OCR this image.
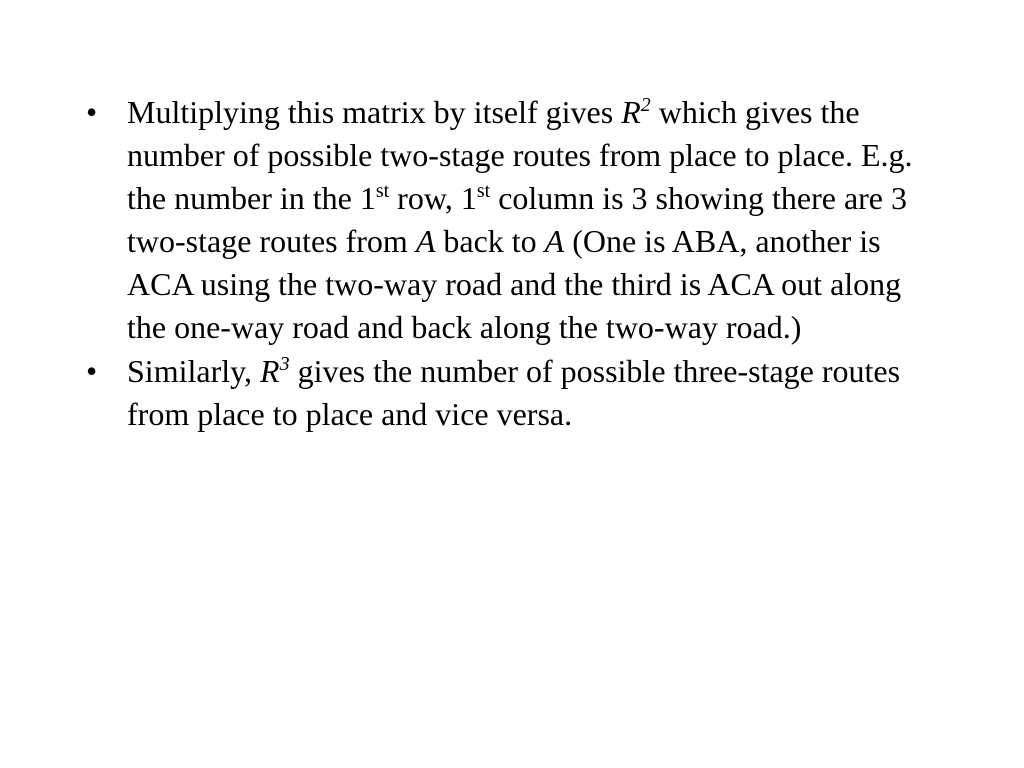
• Multiplying this matrix by itself gives $R^2$ which gives the number of possible two-stage routes from place to place. E.g. the number in the 1st row, 1st column is 3 showing there are 3 two-stage routes from A back to A (One is ABA, another is ACA using the two-way road and the third is ACA out along the one-way road and back along the two-way road.)
• Similarly, $R^3$ gives the number of possible three-stage routes from place to place and vice versa.
